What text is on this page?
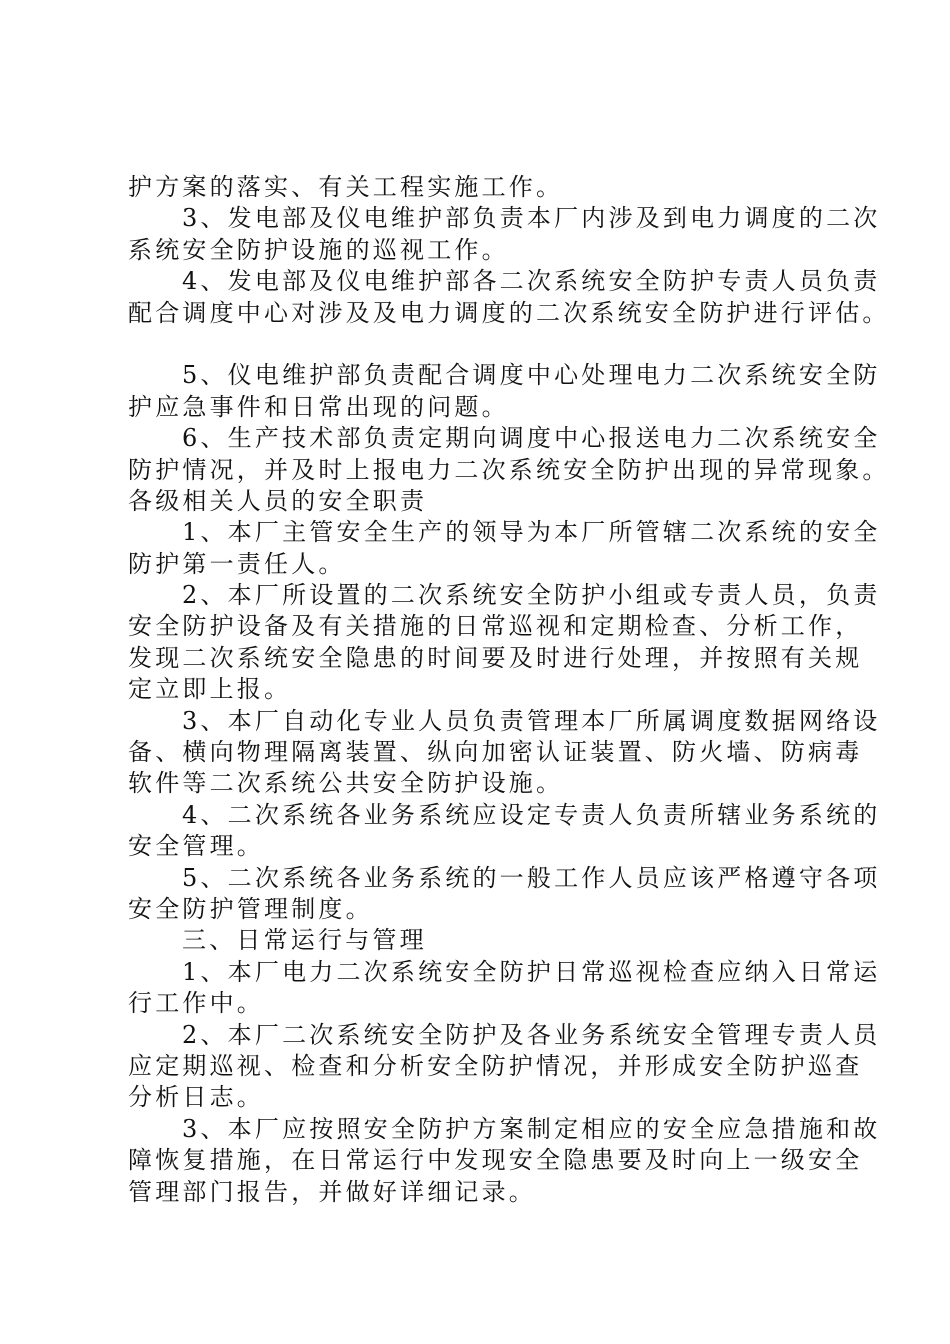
护方案的落实、有关工程实施工作。
3、发电部及仪电维护部负责本厂内涉及到电力调度的二次
系统安全防护设施的巡视工作。
4、发电部及仪电维护部各二次系统安全防护专责人员负责
配合调度中心对涉及及电力调度的二次系统安全防护进行评估。
5、仪电维护部负责配合调度中心处理电力二次系统安全防
护应急事件和日常出现的问题。
6、生产技术部负责定期向调度中心报送电力二次系统安全
防护情况，并及时上报电力二次系统安全防护出现的异常现象。
各级相关人员的安全职责
1、本厂主管安全生产的领导为本厂所管辖二次系统的安全
防护第一责任人。
2、本厂所设置的二次系统安全防护小组或专责人员，负责
安全防护设备及有关措施的日常巡视和定期检查、分析工作，
发现二次系统安全隐患的时间要及时进行处理，并按照有关规
定立即上报。
3、本厂自动化专业人员负责管理本厂所属调度数据网络设
备、横向物理隔离装置、纵向加密认证装置、防火墙、防病毒
软件等二次系统公共安全防护设施。
4、二次系统各业务系统应设定专责人负责所辖业务系统的
安全管理。
5、二次系统各业务系统的一般工作人员应该严格遵守各项
安全防护管理制度。
三、日常运行与管理
1、本厂电力二次系统安全防护日常巡视检查应纳入日常运
行工作中。
2、本厂二次系统安全防护及各业务系统安全管理专责人员
应定期巡视、检查和分析安全防护情况，并形成安全防护巡查
分析日志。
3、本厂应按照安全防护方案制定相应的安全应急措施和故
障恢复措施，在日常运行中发现安全隐患要及时向上一级安全
管理部门报告，并做好详细记录。
